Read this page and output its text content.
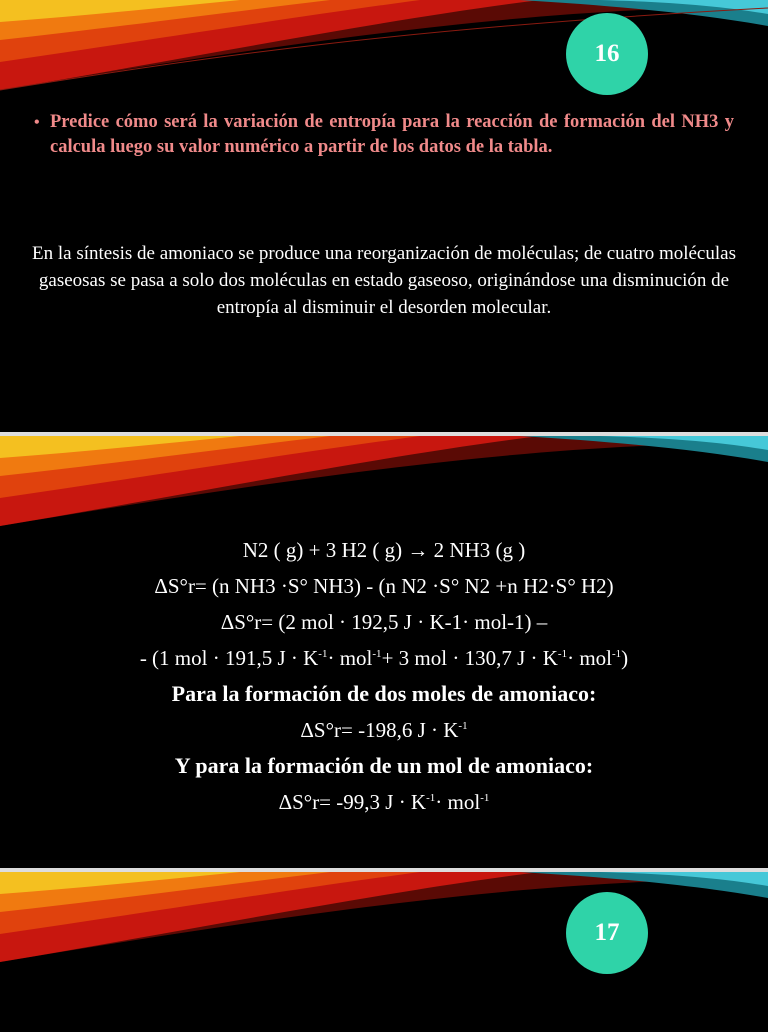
16
• Predice cómo será la variación de entropía para la reacción de formación del NH3 y calcula luego su valor numérico a partir de los datos de la tabla.
En la síntesis de amoniaco se produce una reorganización de moléculas; de cuatro moléculas gaseosas se pasa a solo dos moléculas en estado gaseoso, originándose una disminución de entropía al disminuir el desorden molecular.
N2 ( g) + 3 H2 ( g) → 2 NH3 (g )
ΔS°r= (n NH3 ·S° NH3) - (n N2 ·S° N2 +n H2·S° H2)
ΔS°r= (2 mol · 192,5 J · K-1· mol-1) –
- (1 mol · 191,5 $J \cdot K^{-1}\cdot mol^{-1}+ 3$ mol · 130,7 $J \cdot K^{-1}\cdot mol^{-1}$)
Para la formación de dos moles de amoniaco:
ΔS°r= -198,6 $J \cdot K^{-1}$
Y para la formación de un mol de amoniaco:
ΔS°r= -99,3 $J \cdot K^{-1}\cdot mol^{-1}$
17
